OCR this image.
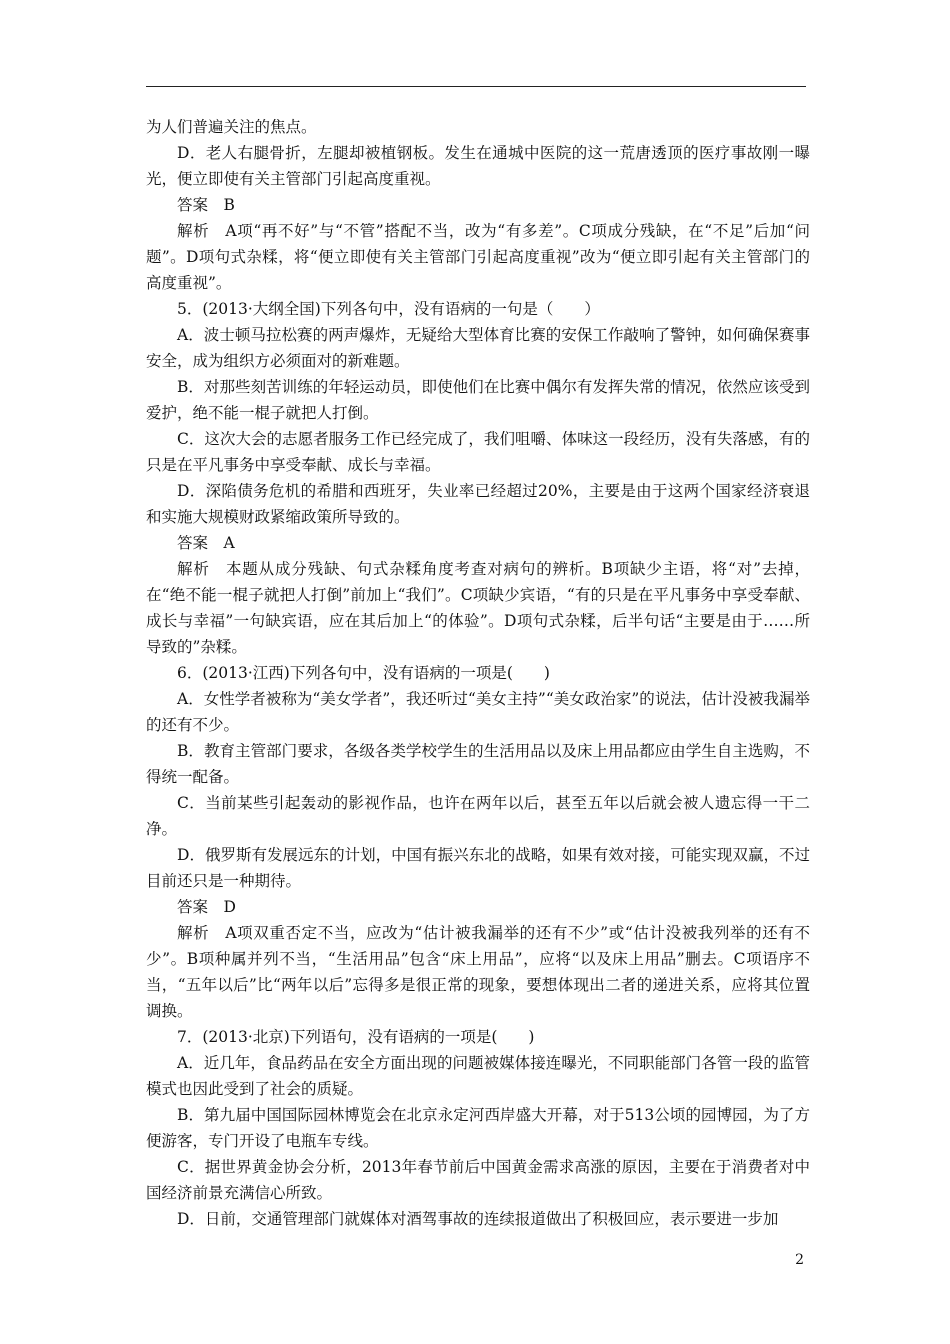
为人们普遍关注的焦点。

D．老人右腿骨折，左腿却被植钢板。发生在通城中医院的这一荒唐透顶的医疗事故刚一曝光，便立即使有关主管部门引起高度重视。

答案　B

解析　A项“再不好”与“不管”搭配不当，改为“有多差”。C项成分残缺，在“不足”后加“问题”。D项句式杂糅，将“便立即使有关主管部门引起高度重视”改为“便立即引起有关主管部门的高度重视”。

5．(2013·大纲全国)下列各句中，没有语病的一句是（　　）

A．波士顿马拉松赛的两声爆炸，无疑给大型体育比赛的安保工作敲响了警钟，如何确保赛事安全，成为组织方必须面对的新难题。

B．对那些刻苦训练的年轻运动员，即使他们在比赛中偶尔有发挥失常的情况，依然应该受到爱护，绝不能一棍子就把人打倒。

C．这次大会的志愿者服务工作已经完成了，我们咀嚼、体味这一段经历，没有失落感，有的只是在平凡事务中享受奉献、成长与幸福。

D．深陷债务危机的希腊和西班牙，失业率已经超过20%，主要是由于这两个国家经济衰退和实施大规模财政紧缩政策所导致的。

答案　A

解析　本题从成分残缺、句式杂糅角度考查对病句的辨析。B项缺少主语，将“对”去掉，在“绝不能一棍子就把人打倒”前加上“我们”。C项缺少宾语，“有的只是在平凡事务中享受奉献、成长与幸福”一句缺宾语，应在其后加上“的体验”。D项句式杂糅，后半句话“主要是由于……所导致的”杂糅。

6．(2013·江西)下列各句中，没有语病的一项是(　　)

A．女性学者被称为“美女学者”，我还听过“美女主持”“美女政治家”的说法，估计没被我漏举的还有不少。

B．教育主管部门要求，各级各类学校学生的生活用品以及床上用品都应由学生自主选购，不得统一配备。

C．当前某些引起轰动的影视作品，也许在两年以后，甚至五年以后就会被人遗忘得一干二净。

D．俄罗斯有发展远东的计划，中国有振兴东北的战略，如果有效对接，可能实现双赢，不过目前还只是一种期待。

答案　D

解析　A项双重否定不当，应改为“估计被我漏举的还有不少”或“估计没被我列举的还有不少”。B项种属并列不当，“生活用品”包含“床上用品”，应将“以及床上用品”删去。C项语序不当，“五年以后”比“两年以后”忘得多是很正常的现象，要想体现出二者的递进关系，应将其位置调换。

7．(2013·北京)下列语句，没有语病的一项是(　　)

A．近几年，食品药品在安全方面出现的问题被媒体接连曝光，不同职能部门各管一段的监管模式也因此受到了社会的质疑。

B．第九届中国国际园林博览会在北京永定河西岸盛大开幕，对于513公顷的园博园，为了方便游客，专门开设了电瓶车专线。

C．据世界黄金协会分析，2013年春节前后中国黄金需求高涨的原因，主要在于消费者对中国经济前景充满信心所致。

D．日前，交通管理部门就媒体对酒驾事故的连续报道做出了积极回应，表示要进一步加

2
